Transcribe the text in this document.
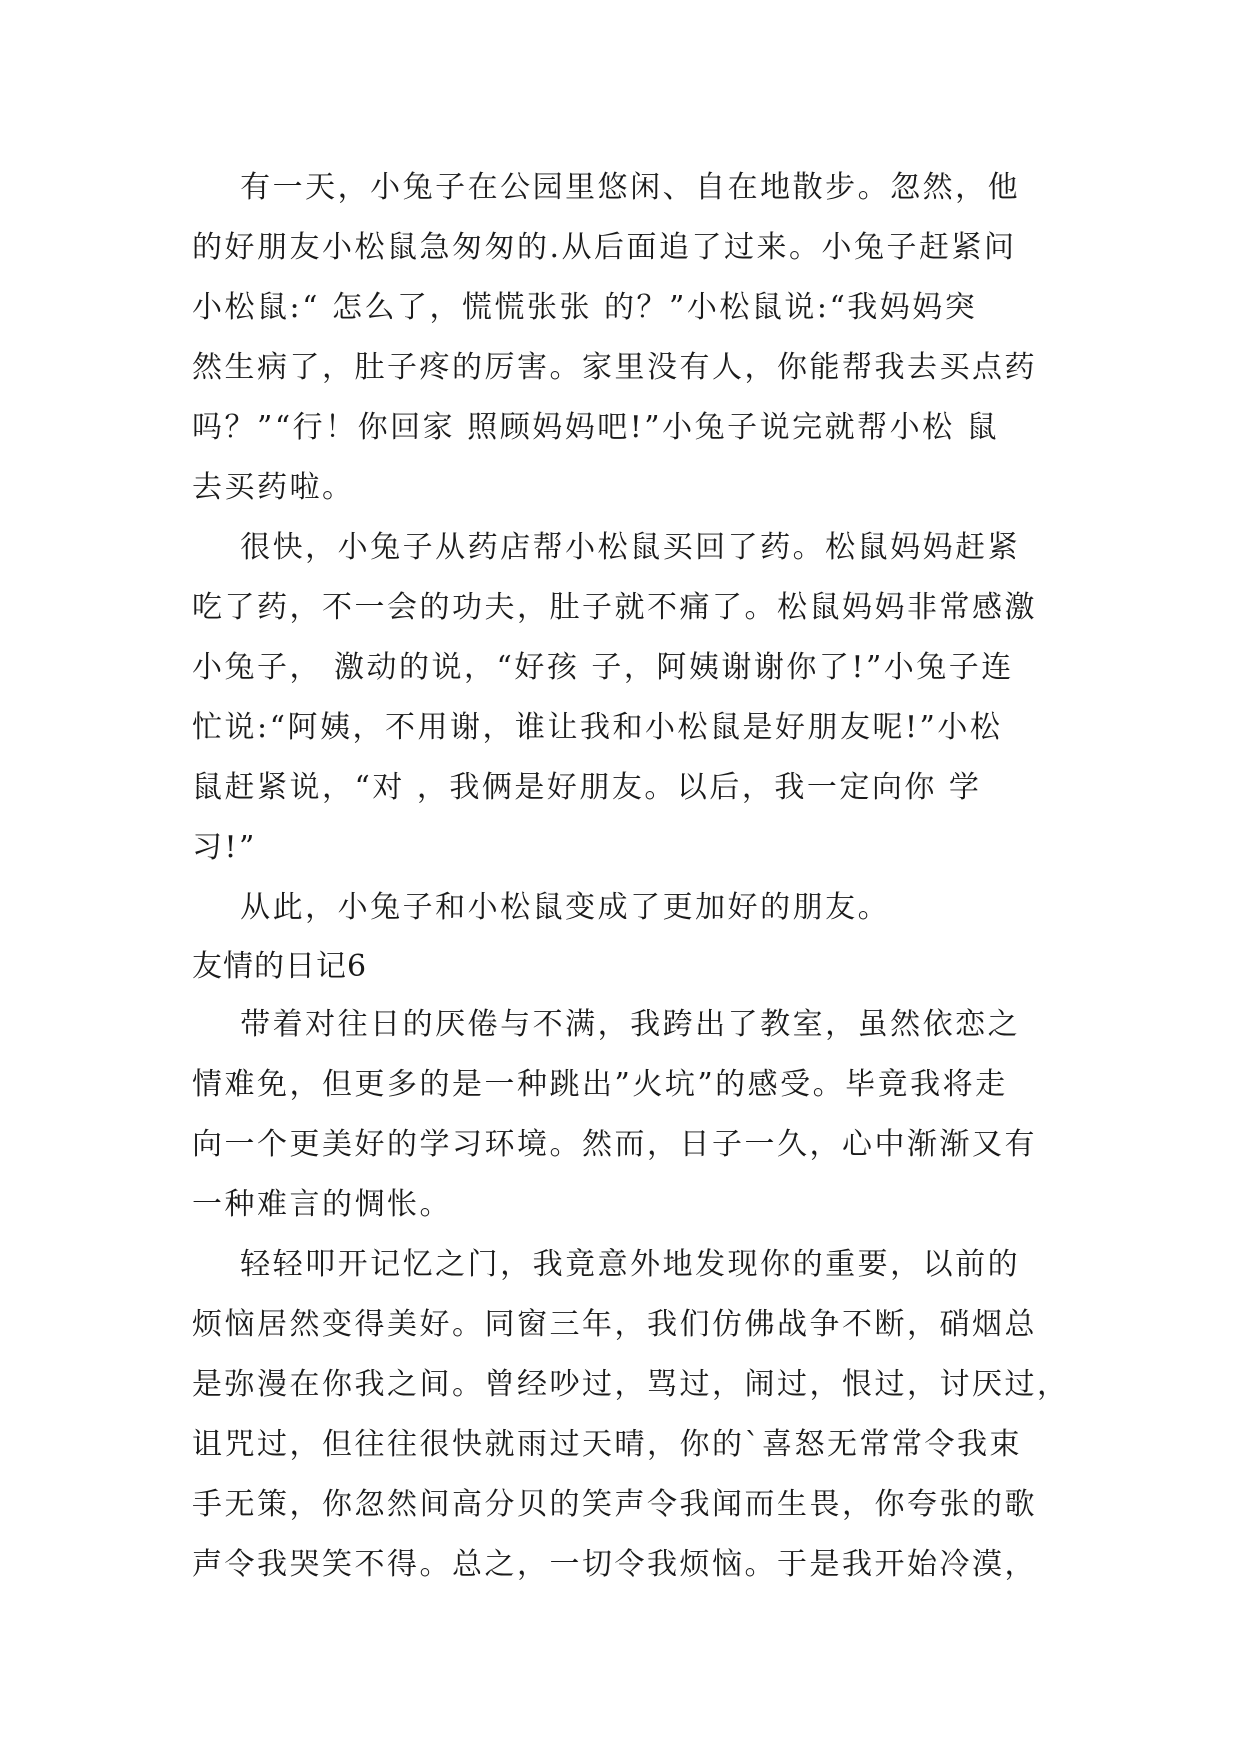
有一天，小兔子在公园里悠闲、自在地散步。忽然，他
的好朋友小松鼠急匆匆的.从后面追了过来。小兔子赶紧问
小松鼠:“ 怎么了，慌慌张张 的？”小松鼠说:“我妈妈突
然生病了，肚子疼的厉害。家里没有人，你能帮我去买点药
吗？”“行！你回家 照顾妈妈吧!”小兔子说完就帮小松 鼠
去买药啦。
很快，小兔子从药店帮小松鼠买回了药。松鼠妈妈赶紧
吃了药，不一会的功夫，肚子就不痛了。松鼠妈妈非常感激
小兔子， 激动的说，“好孩 子，阿姨谢谢你了!”小兔子连
忙说:“阿姨，不用谢，谁让我和小松鼠是好朋友呢!”小松
鼠赶紧说，“对 ，我俩是好朋友。以后，我一定向你 学
习!”
从此，小兔子和小松鼠变成了更加好的朋友。
友情的日记6
带着对往日的厌倦与不满，我跨出了教室，虽然依恋之
情难免，但更多的是一种跳出”火坑”的感受。毕竟我将走
向一个更美好的学习环境。然而，日子一久，心中渐渐又有
一种难言的惆怅。
轻轻叩开记忆之门，我竟意外地发现你的重要，以前的
烦恼居然变得美好。同窗三年，我们仿佛战争不断，硝烟总
是弥漫在你我之间。曾经吵过，骂过，闹过，恨过，讨厌过，
诅咒过，但往往很快就雨过天晴，你的`喜怒无常常令我束
手无策，你忽然间高分贝的笑声令我闻而生畏，你夸张的歌
声令我哭笑不得。总之，一切令我烦恼。于是我开始冷漠，
